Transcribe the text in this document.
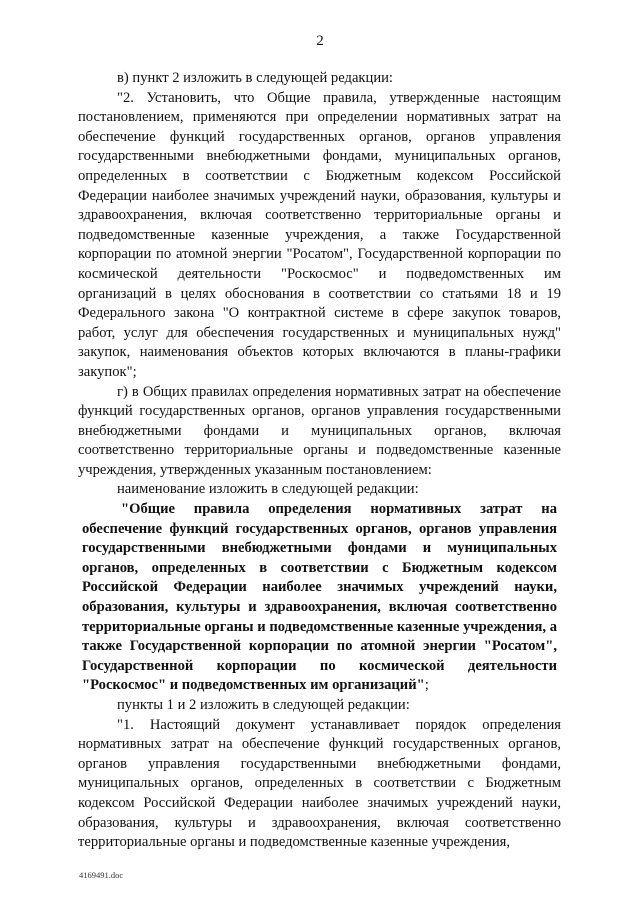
2

в) пункт 2 изложить в следующей редакции:

"2. Установить, что Общие правила, утвержденные настоящим постановлением, применяются при определении нормативных затрат на обеспечение функций государственных органов, органов управления государственными внебюджетными фондами, муниципальных органов, определенных в соответствии с Бюджетным кодексом Российской Федерации наиболее значимых учреждений науки, образования, культуры и здравоохранения, включая соответственно территориальные органы и подведомственные казенные учреждения, а также Государственной корпорации по атомной энергии "Росатом", Государственной корпорации по космической деятельности "Роскосмос" и подведомственных им организаций в целях обоснования в соответствии со статьями 18 и 19 Федерального закона "О контрактной системе в сфере закупок товаров, работ, услуг для обеспечения государственных и муниципальных нужд" закупок, наименования объектов которых включаются в планы-графики закупок";

г) в Общих правилах определения нормативных затрат на обеспечение функций государственных органов, органов управления государственными внебюджетными фондами и муниципальных органов, включая соответственно территориальные органы и подведомственные казенные учреждения, утвержденных указанным постановлением:

наименование изложить в следующей редакции:

"Общие правила определения нормативных затрат на обеспечение функций государственных органов, органов управления государственными внебюджетными фондами и муниципальных органов, определенных в соответствии с Бюджетным кодексом Российской Федерации наиболее значимых учреждений науки, образования, культуры и здравоохранения, включая соответственно территориальные органы и подведомственные казенные учреждения, а также Государственной корпорации по атомной энергии "Росатом", Государственной корпорации по космической деятельности "Роскосмос" и подведомственных им организаций";

пункты 1 и 2 изложить в следующей редакции:

"1. Настоящий документ устанавливает порядок определения нормативных затрат на обеспечение функций государственных органов, органов управления государственными внебюджетными фондами, муниципальных органов, определенных в соответствии с Бюджетным кодексом Российской Федерации наиболее значимых учреждений науки, образования, культуры и здравоохранения, включая соответственно территориальные органы и подведомственные казенные учреждения,

4169491.doc
